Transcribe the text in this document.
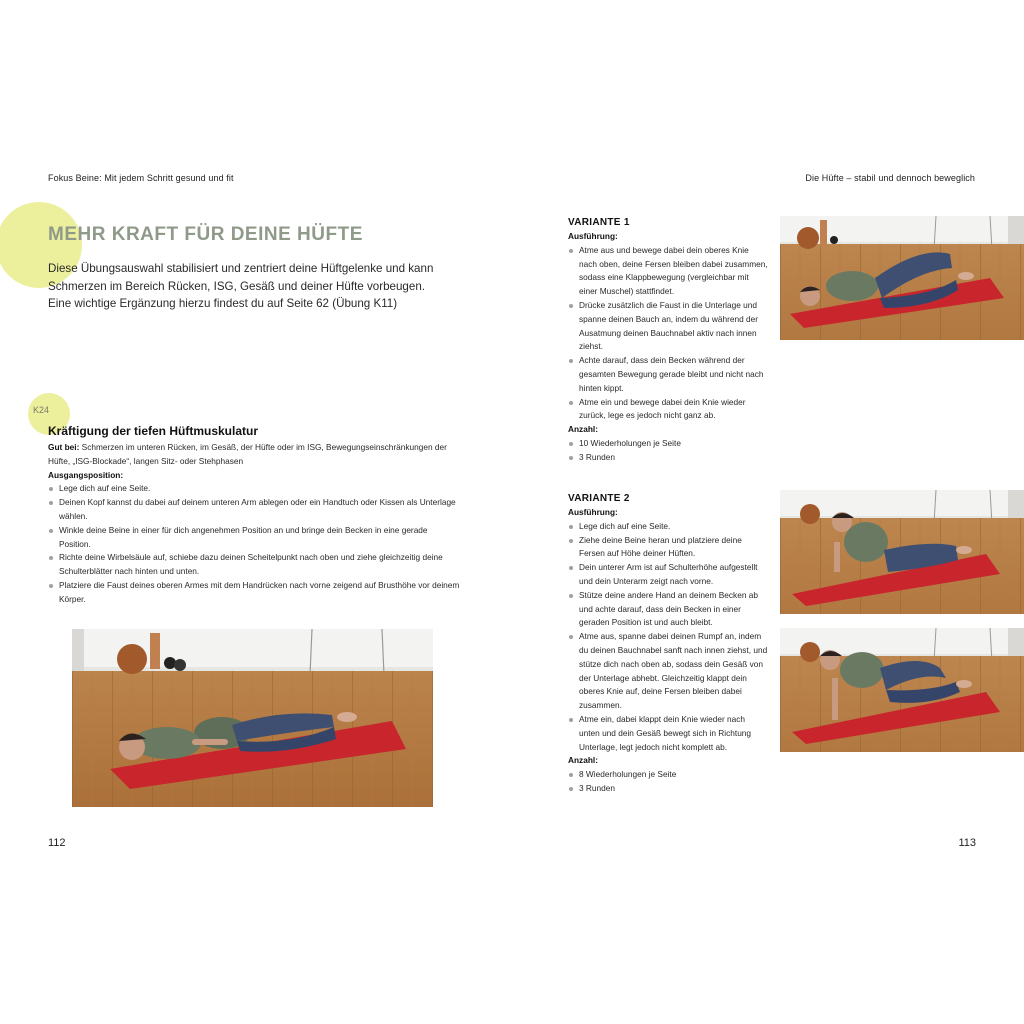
Fokus Beine: Mit jedem Schritt gesund und fit	Die Hüfte – stabil und dennoch beweglich
MEHR KRAFT FÜR DEINE HÜFTE

Diese Übungsauswahl stabilisiert und zentriert deine Hüftgelenke und kann Schmerzen im Bereich Rücken, ISG, Gesäß und deiner Hüfte vorbeugen. Eine wichtige Ergänzung hierzu findest du auf Seite 62 (Übung K11)

K24
Kräftigung der tiefen Hüftmuskulatur
Gut bei: Schmerzen im unteren Rücken, im Gesäß, der Hüfte oder im ISG, Bewegungseinschränkungen der Hüfte, „ISG-Blockade“, langen Sitz- oder Stehphasen
Ausgangsposition:
Lege dich auf eine Seite.
Deinen Kopf kannst du dabei auf deinem unteren Arm ablegen oder ein Handtuch oder Kissen als Unterlage wählen.
Winkle deine Beine in einer für dich angenehmen Position an und bringe dein Becken in eine gerade Position.
Richte deine Wirbelsäule auf, schiebe dazu deinen Scheitelpunkt nach oben und ziehe gleichzeitig deine Schulterblätter nach hinten und unten.
Platziere die Faust deines oberen Armes mit dem Handrücken nach vorne zeigend auf Brusthöhe vor deinem Körper.
VARIANTE 1
Ausführung:
Atme aus und bewege dabei dein oberes Knie nach oben, deine Fersen bleiben dabei zusammen, sodass eine Klappbewegung (vergleichbar mit einer Muschel) stattfindet.
Drücke zusätzlich die Faust in die Unterlage und spanne deinen Bauch an, indem du während der Ausatmung deinen Bauchnabel aktiv nach innen ziehst.
Achte darauf, dass dein Becken während der gesamten Bewegung gerade bleibt und nicht nach hinten kippt.
Atme ein und bewege dabei dein Knie wieder zurück, lege es jedoch nicht ganz ab.
Anzahl:
10 Wiederholungen je Seite
3 Runden
VARIANTE 2
Ausführung:
Lege dich auf eine Seite.
Ziehe deine Beine heran und platziere deine Fersen auf Höhe deiner Hüften.
Dein unterer Arm ist auf Schulterhöhe aufgestellt und dein Unterarm zeigt nach vorne.
Stütze deine andere Hand an deinem Becken ab und achte darauf, dass dein Becken in einer geraden Position ist und auch bleibt.
Atme aus, spanne dabei deinen Rumpf an, indem du deinen Bauchnabel sanft nach innen ziehst, und stütze dich nach oben ab, sodass dein Gesäß von der Unterlage abhebt. Gleichzeitig klappt dein oberes Knie auf, deine Fersen bleiben dabei zusammen.
Atme ein, dabei klappt dein Knie wieder nach unten und dein Gesäß bewegt sich in Richtung Unterlage, legt jedoch nicht komplett ab.
Anzahl:
8 Wiederholungen je Seite
3 Runden
112	113
